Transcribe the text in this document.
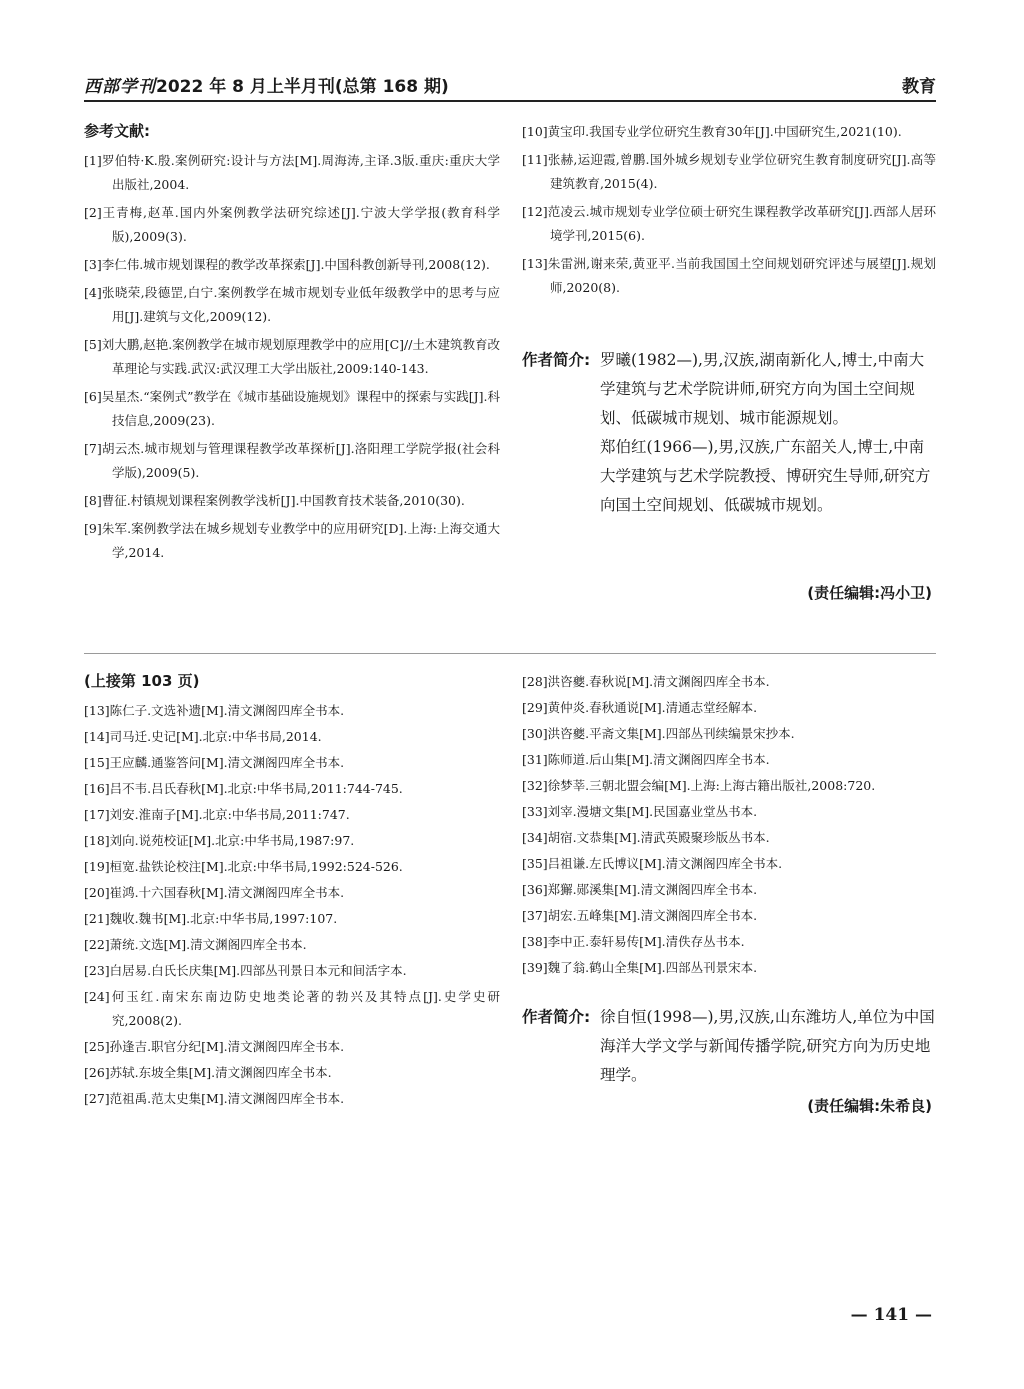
西部学刊2022 年 8 月上半月刊(总第 168 期)	教育
参考文献:
[1]罗伯特·K.殷.案例研究:设计与方法[M].周海涛,主译.3版.重庆:重庆大学出版社,2004.
[2]王青梅,赵革.国内外案例教学法研究综述[J].宁波大学学报(教育科学版),2009(3).
[3]李仁伟.城市规划课程的教学改革探索[J].中国科教创新导刊,2008(12).
[4]张晓荣,段德罡,白宁.案例教学在城市规划专业低年级教学中的思考与应用[J].建筑与文化,2009(12).
[5]刘大鹏,赵艳.案例教学在城市规划原理教学中的应用[C]//土木建筑教育改革理论与实践.武汉:武汉理工大学出版社,2009:140-143.
[6]吴星杰.“案例式”教学在《城市基础设施规划》课程中的探索与实践[J].科技信息,2009(23).
[7]胡云杰.城市规划与管理课程教学改革探析[J].洛阳理工学院学报(社会科学版),2009(5).
[8]曹征.村镇规划课程案例教学浅析[J].中国教育技术装备,2010(30).
[9]朱军.案例教学法在城乡规划专业教学中的应用研究[D].上海:上海交通大学,2014.
[10]黄宝印.我国专业学位研究生教育30年[J].中国研究生,2021(10).
[11]张赫,运迎霞,曾鹏.国外城乡规划专业学位研究生教育制度研究[J].高等建筑教育,2015(4).
[12]范凌云.城市规划专业学位硕士研究生课程教学改革研究[J].西部人居环境学刊,2015(6).
[13]朱雷洲,谢来荣,黄亚平.当前我国国土空间规划研究评述与展望[J].规划师,2020(8).
作者简介: 罗曦(1982—),男,汉族,湖南新化人,博士,中南大学建筑与艺术学院讲师,研究方向为国土空间规划、低碳城市规划、城市能源规划。

郑伯红(1966—),男,汉族,广东韶关人,博士,中南大学建筑与艺术学院教授、博研究生导师,研究方向国土空间规划、低碳城市规划。

(责任编辑:冯小卫)
(上接第 103 页)
[13]陈仁子.文选补遗[M].清文渊阁四库全书本.
[14]司马迁.史记[M].北京:中华书局,2014.
[15]王应麟.通鉴答问[M].清文渊阁四库全书本.
[16]吕不韦.吕氏春秋[M].北京:中华书局,2011:744-745.
[17]刘安.淮南子[M].北京:中华书局,2011:747.
[18]刘向.说苑校证[M].北京:中华书局,1987:97.
[19]桓宽.盐铁论校注[M].北京:中华书局,1992:524-526.
[20]崔鸿.十六国春秋[M].清文渊阁四库全书本.
[21]魏收.魏书[M].北京:中华书局,1997:107.
[22]萧统.文选[M].清文渊阁四库全书本.
[23]白居易.白氏长庆集[M].四部丛刊景日本元和间活字本.
[24]何玉红.南宋东南边防史地类论著的勃兴及其特点[J].史学史研究,2008(2).
[25]孙逢吉.职官分纪[M].清文渊阁四库全书本.
[26]苏轼.东坡全集[M].清文渊阁四库全书本.
[27]范祖禹.范太史集[M].清文渊阁四库全书本.
[28]洪咨夔.春秋说[M].清文渊阁四库全书本.
[29]黄仲炎.春秋通说[M].清通志堂经解本.
[30]洪咨夔.平斋文集[M].四部丛刊续编景宋抄本.
[31]陈师道.后山集[M].清文渊阁四库全书本.
[32]徐梦莘.三朝北盟会编[M].上海:上海古籍出版社,2008:720.
[33]刘宰.漫塘文集[M].民国嘉业堂丛书本.
[34]胡宿.文恭集[M].清武英殿聚珍版丛书本.
[35]吕祖谦.左氏博议[M].清文渊阁四库全书本.
[36]郑獬.郧溪集[M].清文渊阁四库全书本.
[37]胡宏.五峰集[M].清文渊阁四库全书本.
[38]李中正.泰轩易传[M].清佚存丛书本.
[39]魏了翁.鹤山全集[M].四部丛刊景宋本.
作者简介: 徐自恒(1998—),男,汉族,山东潍坊人,单位为中国海洋大学文学与新闻传播学院,研究方向为历史地理学。

(责任编辑:朱希良)
— 141 —
